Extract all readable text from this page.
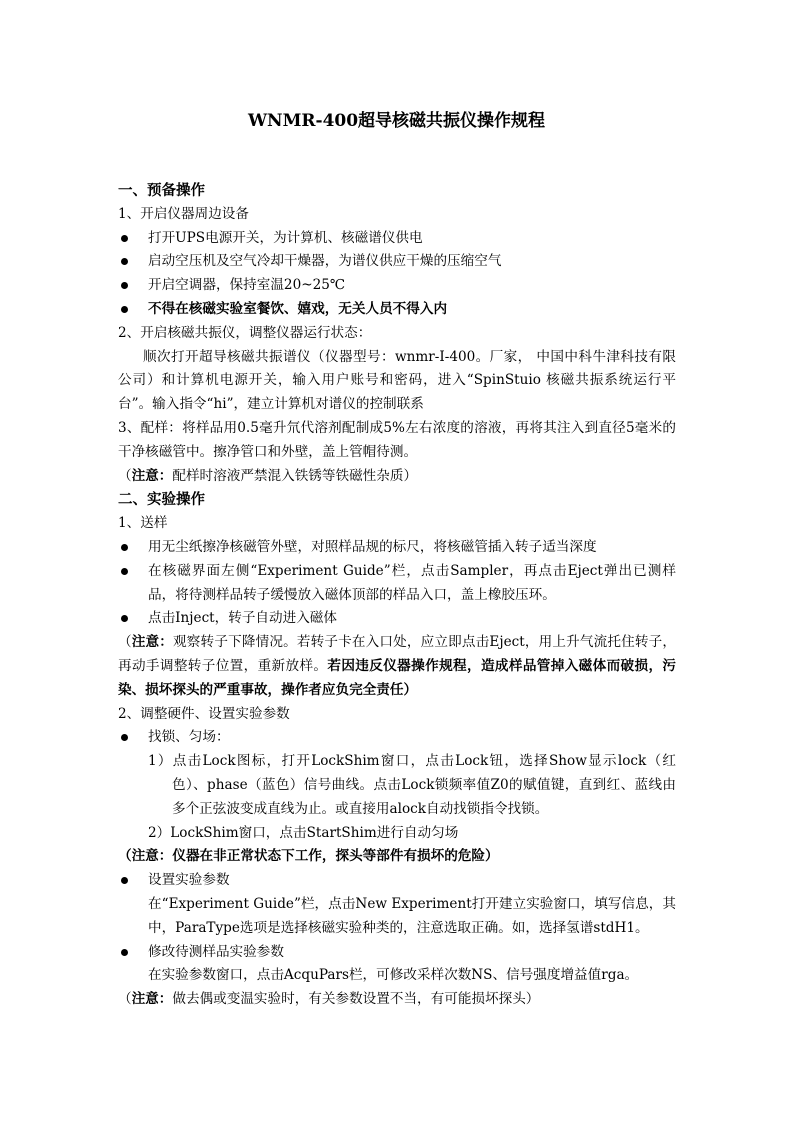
WNMR-400超导核磁共振仪操作规程

一、预备操作

1、开启仪器周边设备

打开UPS电源开关，为计算机、核磁谱仪供电

启动空压机及空气冷却干燥器，为谱仪供应干燥的压缩空气

开启空调器，保持室温20~25℃

不得在核磁实验室餐饮、嬉戏，无关人员不得入内

2、开启核磁共振仪，调整仪器运行状态：

顺次打开超导核磁共振谱仪（仪器型号：wnmr-I-400。厂家， 中国中科牛津科技有限公司）和计算机电源开关，输入用户账号和密码，进入“SpinStuio 核磁共振系统运行平台”。输入指令“hi”，建立计算机对谱仪的控制联系

3、配样：将样品用0.5毫升氘代溶剂配制成5%左右浓度的溶液，再将其注入到直径5毫米的干净核磁管中。擦净管口和外壁，盖上管帽待测。

（注意：配样时溶液严禁混入铁锈等铁磁性杂质）

二、实验操作

1、送样

用无尘纸擦净核磁管外壁，对照样品规的标尺，将核磁管插入转子适当深度

在核磁界面左侧“Experiment Guide”栏，点击Sampler，再点击Eject弹出已测样品，将待测样品转子缓慢放入磁体顶部的样品入口，盖上橡胶压环。

点击Inject，转子自动进入磁体

（注意：观察转子下降情况。若转子卡在入口处，应立即点击Eject，用上升气流托住转子，再动手调整转子位置，重新放样。若因违反仪器操作规程，造成样品管掉入磁体而破损，污染、损坏探头的严重事故，操作者应负完全责任）

2、调整硬件、设置实验参数

找锁、匀场：

1）点击Lock图标，打开LockShim窗口，点击Lock钮，选择Show显示lock（红色）、phase（蓝色）信号曲线。点击Lock锁频率值Z0的赋值键，直到红、蓝线由多个正弦波变成直线为止。或直接用alock自动找锁指令找锁。

2）LockShim窗口，点击StartShim进行自动匀场

（注意：仪器在非正常状态下工作，探头等部件有损坏的危险）

设置实验参数

在“Experiment Guide”栏，点击New Experiment打开建立实验窗口，填写信息，其中，ParaType选项是选择核磁实验种类的，注意选取正确。如，选择氢谱stdH1。

修改待测样品实验参数

在实验参数窗口，点击AcquPars栏，可修改采样次数NS、信号强度增益值rga。

（注意：做去偶或变温实验时，有关参数设置不当，有可能损坏探头）
